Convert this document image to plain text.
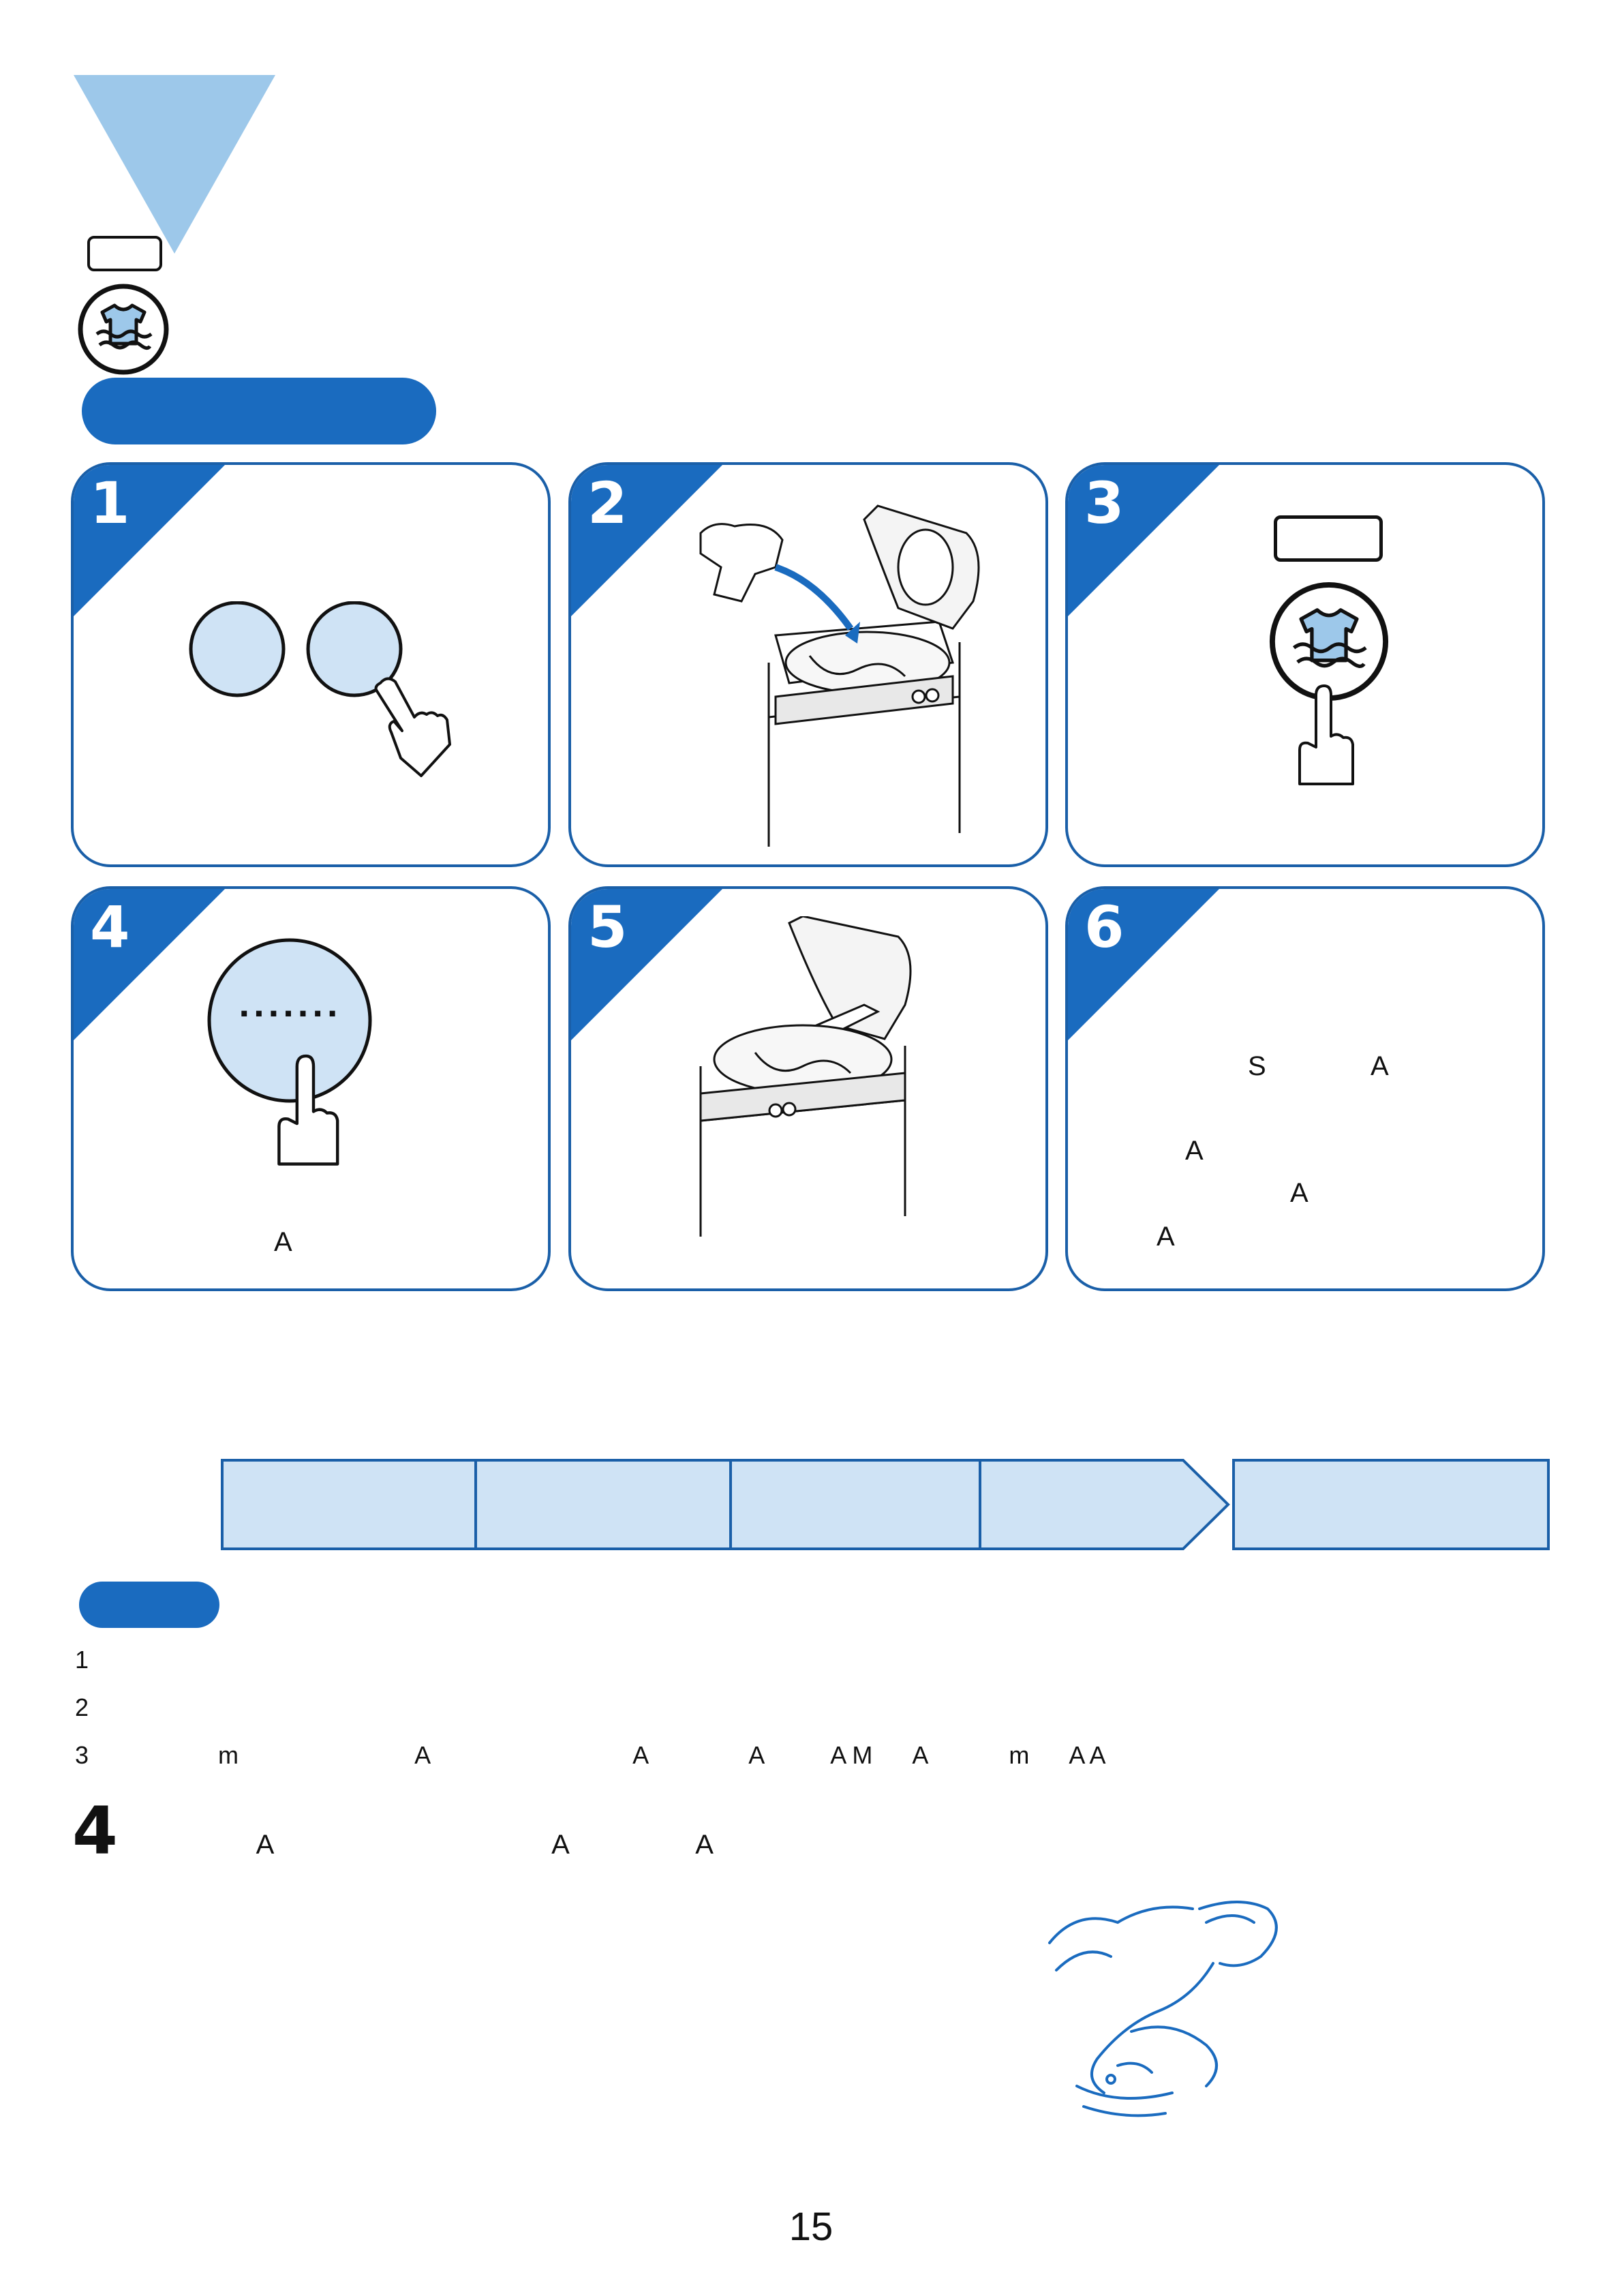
1	2	3
4
.......
A
5	6
S              A
A
A
A
1
2
3 m                          A                              A               A          A M      A            m      A A
4 A                                     A                 A
15
